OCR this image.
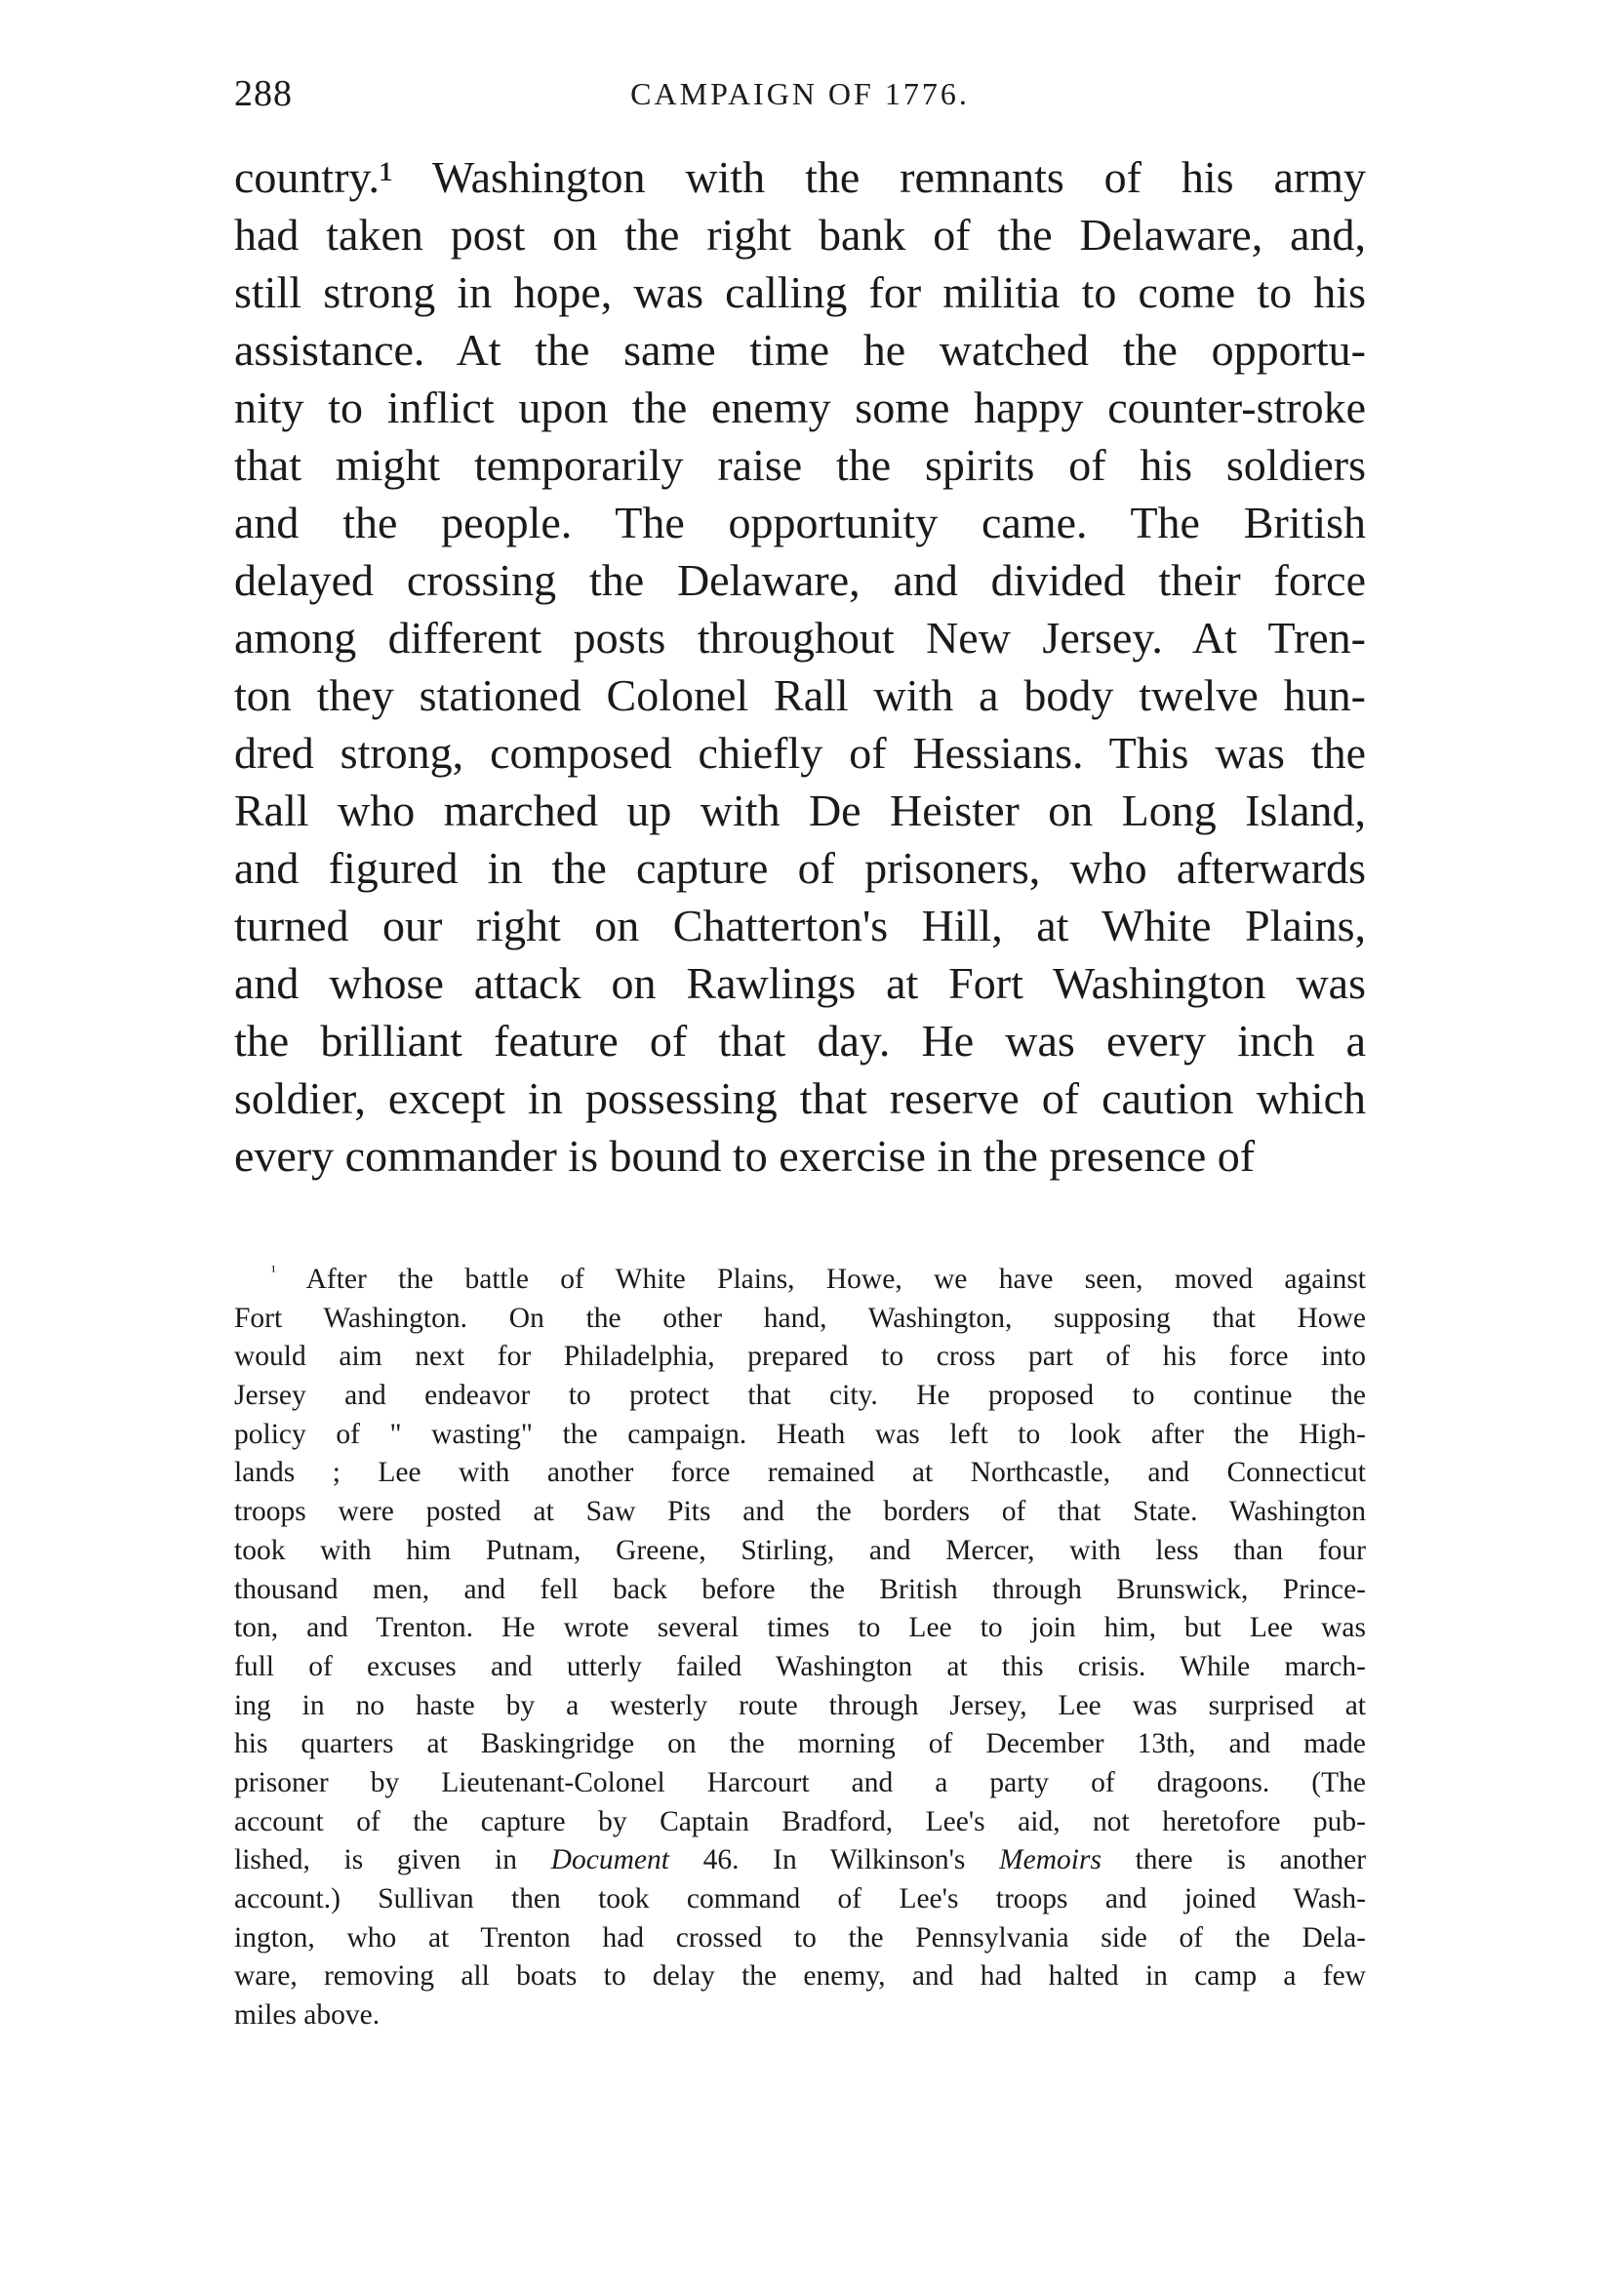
288	CAMPAIGN OF 1776.
country.¹ Washington with the remnants of his army
had taken post on the right bank of the Delaware, and,
still strong in hope, was calling for militia to come to his
assistance. At the same time he watched the opportu-
nity to inflict upon the enemy some happy counter-stroke
that might temporarily raise the spirits of his soldiers
and the people. The opportunity came. The British
delayed crossing the Delaware, and divided their force
among different posts throughout New Jersey. At Tren-
ton they stationed Colonel Rall with a body twelve hun-
dred strong, composed chiefly of Hessians. This was the
Rall who marched up with De Heister on Long Island,
and figured in the capture of prisoners, who afterwards
turned our right on Chatterton's Hill, at White Plains,
and whose attack on Rawlings at Fort Washington was
the brilliant feature of that day. He was every inch a
soldier, except in possessing that reserve of caution which
every commander is bound to exercise in the presence of
$^{^1}$ After the battle of White Plains, Howe, we have seen, moved against
Fort Washington. On the other hand, Washington, supposing that Howe
would aim next for Philadelphia, prepared to cross part of his force into
Jersey and endeavor to protect that city. He proposed to continue the
policy of " wasting" the campaign. Heath was left to look after the High-
lands ; Lee with another force remained at Northcastle, and Connecticut
troops were posted at Saw Pits and the borders of that State. Washington
took with him Putnam, Greene, Stirling, and Mercer, with less than four
thousand men, and fell back before the British through Brunswick, Prince-
ton, and Trenton. He wrote several times to Lee to join him, but Lee was
full of excuses and utterly failed Washington at this crisis. While march-
ing in no haste by a westerly route through Jersey, Lee was surprised at
his quarters at Baskingridge on the morning of December 13th, and made
prisoner by Lieutenant-Colonel Harcourt and a party of dragoons. (The
account of the capture by Captain Bradford, Lee's aid, not heretofore pub-
lished, is given in Document 46. In Wilkinson's Memoirs there is another
account.) Sullivan then took command of Lee's troops and joined Wash-
ington, who at Trenton had crossed to the Pennsylvania side of the Dela-
ware, removing all boats to delay the enemy, and had halted in camp a few
miles above.
